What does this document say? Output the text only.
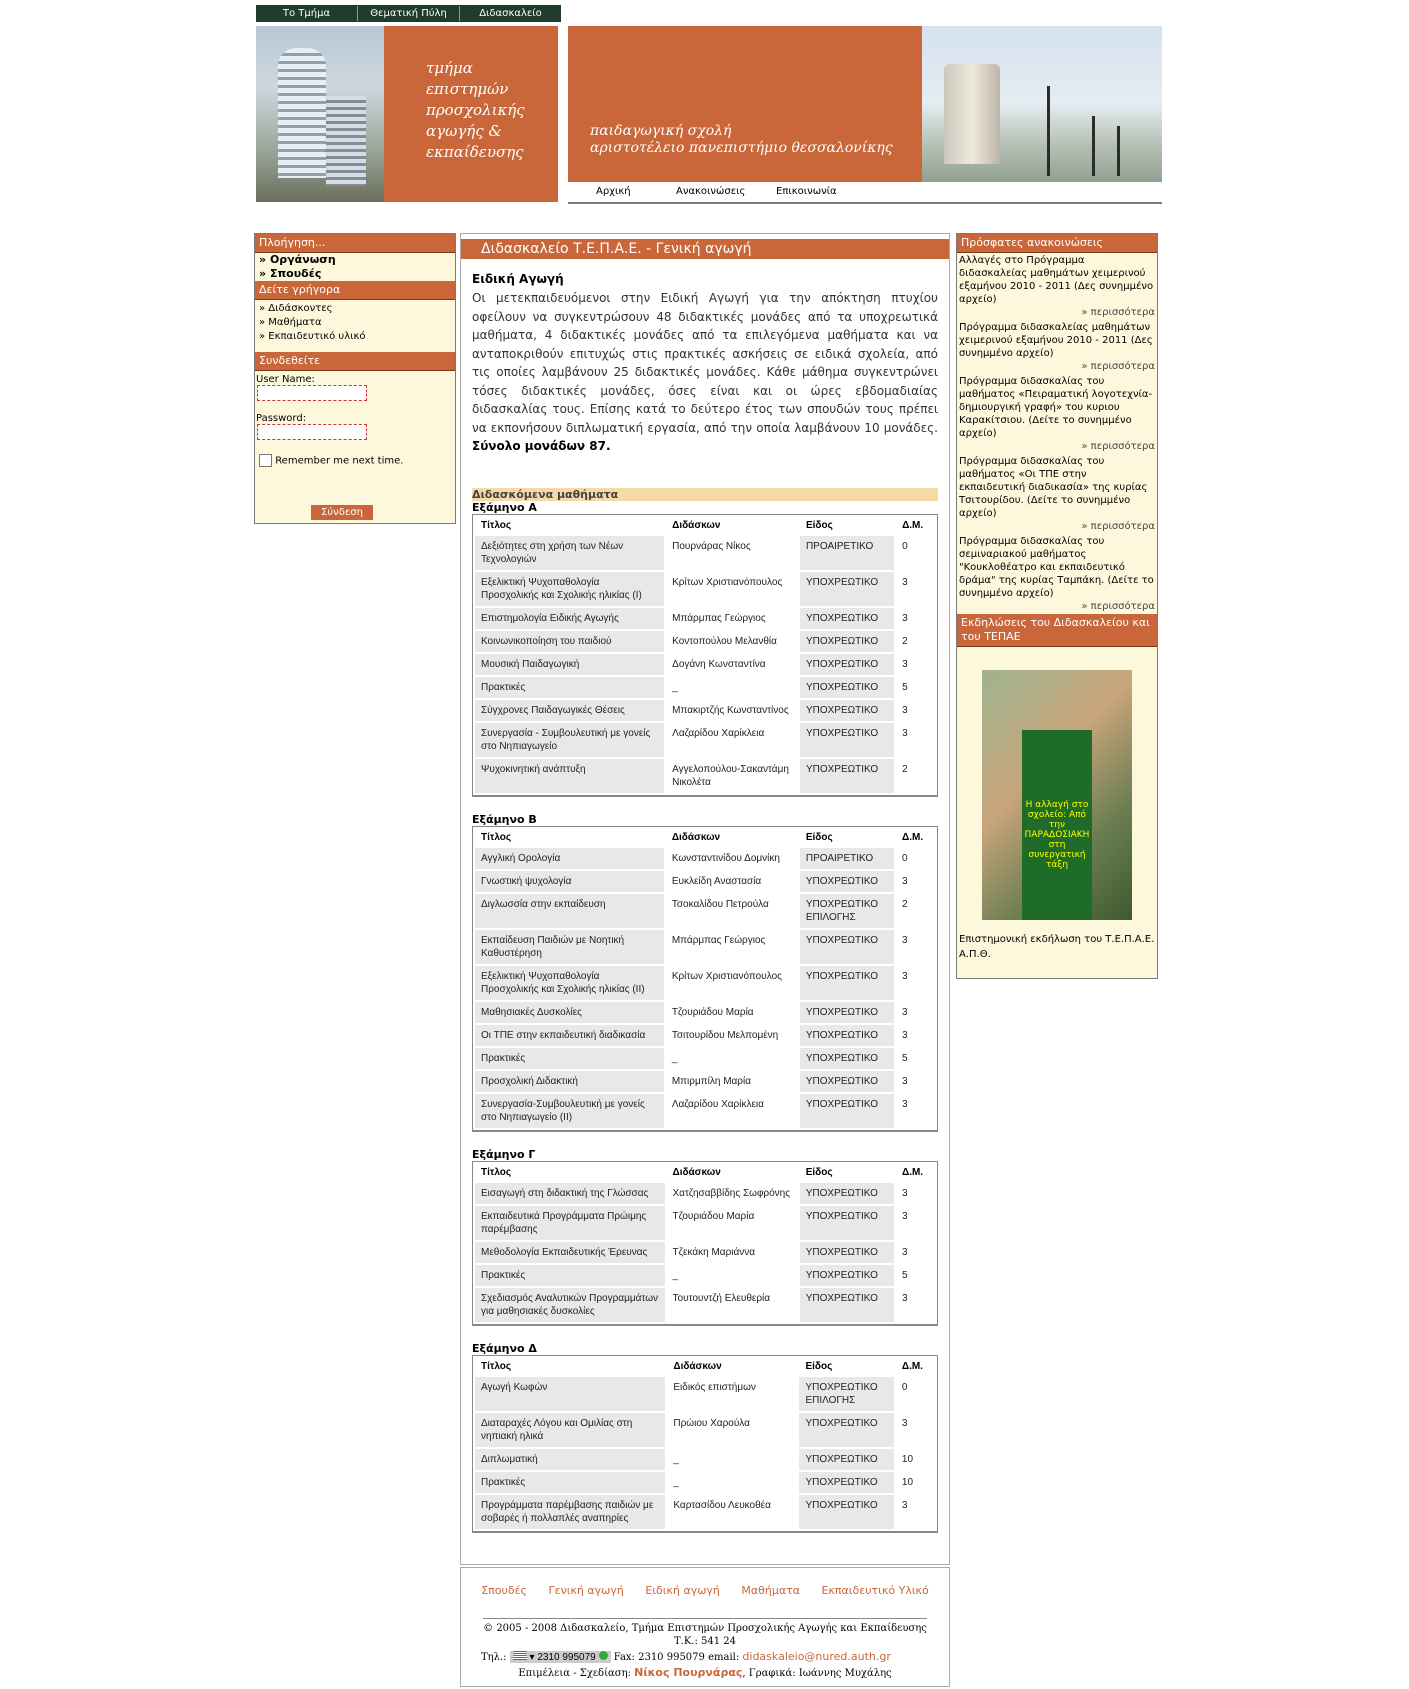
Το Τμήμα	Θεματική Πύλη	Διδασκαλείο
τμήμα
επιστημών
προσχολικής
αγωγής &
εκπαίδευσης
παιδαγωγική σχολή
αριστοτέλειο πανεπιστήμιο θεσσαλονίκης
Αρχική	Ανακοινώσεις	Επικοινωνία
Πλοήγηση...
» Οργάνωση
» Σπουδές
Δείτε γρήγορα
» Διδάσκοντες
» Μαθήματα
» Εκπαιδευτικό υλικό
Συνδεθείτε
User Name:
Password:
Remember me next time.
Σύνδεση
Διδασκαλείο Τ.Ε.Π.Α.Ε. - Γενική αγωγή
Ειδική Αγωγή
Οι μετεκπαιδευόμενοι στην Ειδική Αγωγή για την απόκτηση πτυχίου οφείλουν να συγκεντρώσουν 48 διδακτικές μονάδες από τα υποχρεωτικά μαθήματα, 4 διδακτικές μονάδες από τα επιλεγόμενα μαθήματα και να ανταποκριθούν επιτυχώς στις πρακτικές ασκήσεις σε ειδικά σχολεία, από τις οποίες λαμβάνουν 25 διδακτικές μονάδες. Κάθε μάθημα συγκεντρώνει τόσες διδακτικές μονάδες, όσες είναι και οι ώρες εβδομαδιαίας διδασκαλίας τους. Επίσης κατά το δεύτερο έτος των σπουδών τους πρέπει να εκπονήσουν διπλωματική εργασία, από την οποία λαμβάνουν 10 μονάδες. Σύνολο μονάδων 87.
Διδασκόμενα μαθήματα
Εξάμηνο Α
Τίτλος	Διδάσκων	Είδος	Δ.Μ.
Δεξιότητες στη χρήση των Νέων Τεχνολογιών	Πουρνάρας Νίκος	ΠΡΟΑΙΡΕΤΙΚΟ	0
Εξελικτική Ψυχοπαθολογία Προσχολικής και Σχολικής ηλικίας (Ι)	Κρίτων Χριστιανόπουλος	ΥΠΟΧΡΕΩΤΙΚΟ	3
Επιστημολογία Ειδικής Αγωγής	Μπάρμπας Γεώργιος	ΥΠΟΧΡΕΩΤΙΚΟ	3
Κοινωνικοποίηση του παιδιού	Κοντοπούλου Μελανθία	ΥΠΟΧΡΕΩΤΙΚΟ	2
Μουσική Παιδαγωγική	Δογάνη Κωνσταντίνα	ΥΠΟΧΡΕΩΤΙΚΟ	3
Πρακτικές	_	ΥΠΟΧΡΕΩΤΙΚΟ	5
Σύγχρονες Παιδαγωγικές Θέσεις	Μπακιρτζής Κωνσταντίνος	ΥΠΟΧΡΕΩΤΙΚΟ	3
Συνεργασία - Συμβουλευτική με γονείς στο Νηπιαγωγείο	Λαζαρίδου Χαρίκλεια	ΥΠΟΧΡΕΩΤΙΚΟ	3
Ψυχοκινητική ανάπτυξη	Αγγελοπούλου-Σακαντάμη Νικολέτα	ΥΠΟΧΡΕΩΤΙΚΟ	2
Εξάμηνο Β
Τίτλος	Διδάσκων	Είδος	Δ.Μ.
Αγγλική Ορολογία	Κωνσταντινίδου Δομνίκη	ΠΡΟΑΙΡΕΤΙΚΟ	0
Γνωστική ψυχολογία	Ευκλείδη Αναστασία	ΥΠΟΧΡΕΩΤΙΚΟ	3
Διγλωσσία στην εκπαίδευση	Τσοκαλίδου Πετρούλα	ΥΠΟΧΡΕΩΤΙΚΟ ΕΠΙΛΟΓΗΣ	2
Εκπαίδευση Παιδιών με Νοητική Καθυστέρηση	Μπάρμπας Γεώργιος	ΥΠΟΧΡΕΩΤΙΚΟ	3
Εξελικτική Ψυχοπαθολογία Προσχολικής και Σχολικής ηλικίας (ΙΙ)	Κρίτων Χριστιανόπουλος	ΥΠΟΧΡΕΩΤΙΚΟ	3
Μαθησιακές Δυσκολίες	Τζουριάδου Μαρία	ΥΠΟΧΡΕΩΤΙΚΟ	3
Οι ΤΠΕ στην εκπαιδευτική διαδικασία	Τσιτουρίδου Μελπομένη	ΥΠΟΧΡΕΩΤΙΚΟ	3
Πρακτικές	_	ΥΠΟΧΡΕΩΤΙΚΟ	5
Προσχολική Διδακτική	Μπιρμπίλη Μαρία	ΥΠΟΧΡΕΩΤΙΚΟ	3
Συνεργασία-Συμβουλευτική με γονείς στο Νηπιαγωγείο (ΙΙ)	Λαζαρίδου Χαρίκλεια	ΥΠΟΧΡΕΩΤΙΚΟ	3
Εξάμηνο Γ
Τίτλος	Διδάσκων	Είδος	Δ.Μ.
Εισαγωγή στη διδακτική της Γλώσσας	Χατζησαββίδης Σωφρόνης	ΥΠΟΧΡΕΩΤΙΚΟ	3
Εκπαιδευτικά Προγράμματα Πρώιμης παρέμβασης	Τζουριάδου Μαρία	ΥΠΟΧΡΕΩΤΙΚΟ	3
Μεθοδολογία Εκπαιδευτικής Έρευνας	Τζεκάκη Μαριάννα	ΥΠΟΧΡΕΩΤΙΚΟ	3
Πρακτικές	_	ΥΠΟΧΡΕΩΤΙΚΟ	5
Σχεδιασμός Αναλυτικών Προγραμμάτων για μαθησιακές δυσκολίες	Τουτουντζή Ελευθερία	ΥΠΟΧΡΕΩΤΙΚΟ	3
Εξάμηνο Δ
Τίτλος	Διδάσκων	Είδος	Δ.Μ.
Αγωγή Κωφών	Ειδικός επιστήμων	ΥΠΟΧΡΕΩΤΙΚΟ ΕΠΙΛΟΓΗΣ	0
Διαταραχές Λόγου και Ομιλίας στη νηπιακή ηλικά	Πρώιου Χαρούλα	ΥΠΟΧΡΕΩΤΙΚΟ	3
Διπλωματική	_	ΥΠΟΧΡΕΩΤΙΚΟ	10
Πρακτικές	_	ΥΠΟΧΡΕΩΤΙΚΟ	10
Προγράμματα παρέμβασης παιδιών με σοβαρές ή πολλαπλές αναπηρίες	Καρτασίδου Λευκοθέα	ΥΠΟΧΡΕΩΤΙΚΟ	3
Πρόσφατες ανακοινώσεις
Αλλαγές στο Πρόγραμμα διδασκαλείας μαθημάτων χειμερινού εξαμήνου 2010 - 2011 (Δες συνημμένο αρχείο)
» περισσότερα
Πρόγραμμα διδασκαλείας μαθημάτων χειμερινού εξαμήνου 2010 - 2011 (Δες συνημμένο αρχείο)
» περισσότερα
Πρόγραμμα διδασκαλίας του μαθήματος «Πειραματική λογοτεχνία-δημιουργική γραφή» του κυριου Καρακίτσιου. (Δείτε το συνημμένο αρχείο)
» περισσότερα
Πρόγραμμα διδασκαλίας του μαθήματος «Οι ΤΠΕ στην εκπαιδευτική διαδικασία» της κυρίας Τσιτουρίδου. (Δείτε το συνημμένο αρχείο)
» περισσότερα
Πρόγραμμα διδασκαλίας του σεμιναριακού μαθήματος "Κουκλοθέατρο και εκπαιδευτικό δράμα" της κυρίας Ταμπάκη. (Δείτε το συνημμένο αρχείο)
» περισσότερα
Εκδηλώσεις του Διδασκαλείου και του ΤΕΠΑΕ
Η αλλαγή στο σχολείο: Από την ΠΑΡΑΔΟΣΙΑΚΗ στη συνεργατική τάξη
Επιστημονική εκδήλωση του Τ.Ε.Π.Α.Ε. Α.Π.Θ.
Σπουδές Γενική αγωγή Ειδική αγωγή Μαθήματα Εκπαιδευτικό Υλικό
© 2005 - 2008 Διδασκαλείο, Τμήμα Επιστημών Προσχολικής Αγωγής και Εκπαίδευσης Τ.Κ.: 541 24
Τηλ.:  ▾ 2310 995079 Fax: 2310 995079 email: didaskaleio@nured.auth.gr
Επιμέλεια - Σχεδίαση: Νίκος Πουρνάρας, Γραφικά: Ιωάννης Μυχάλης
